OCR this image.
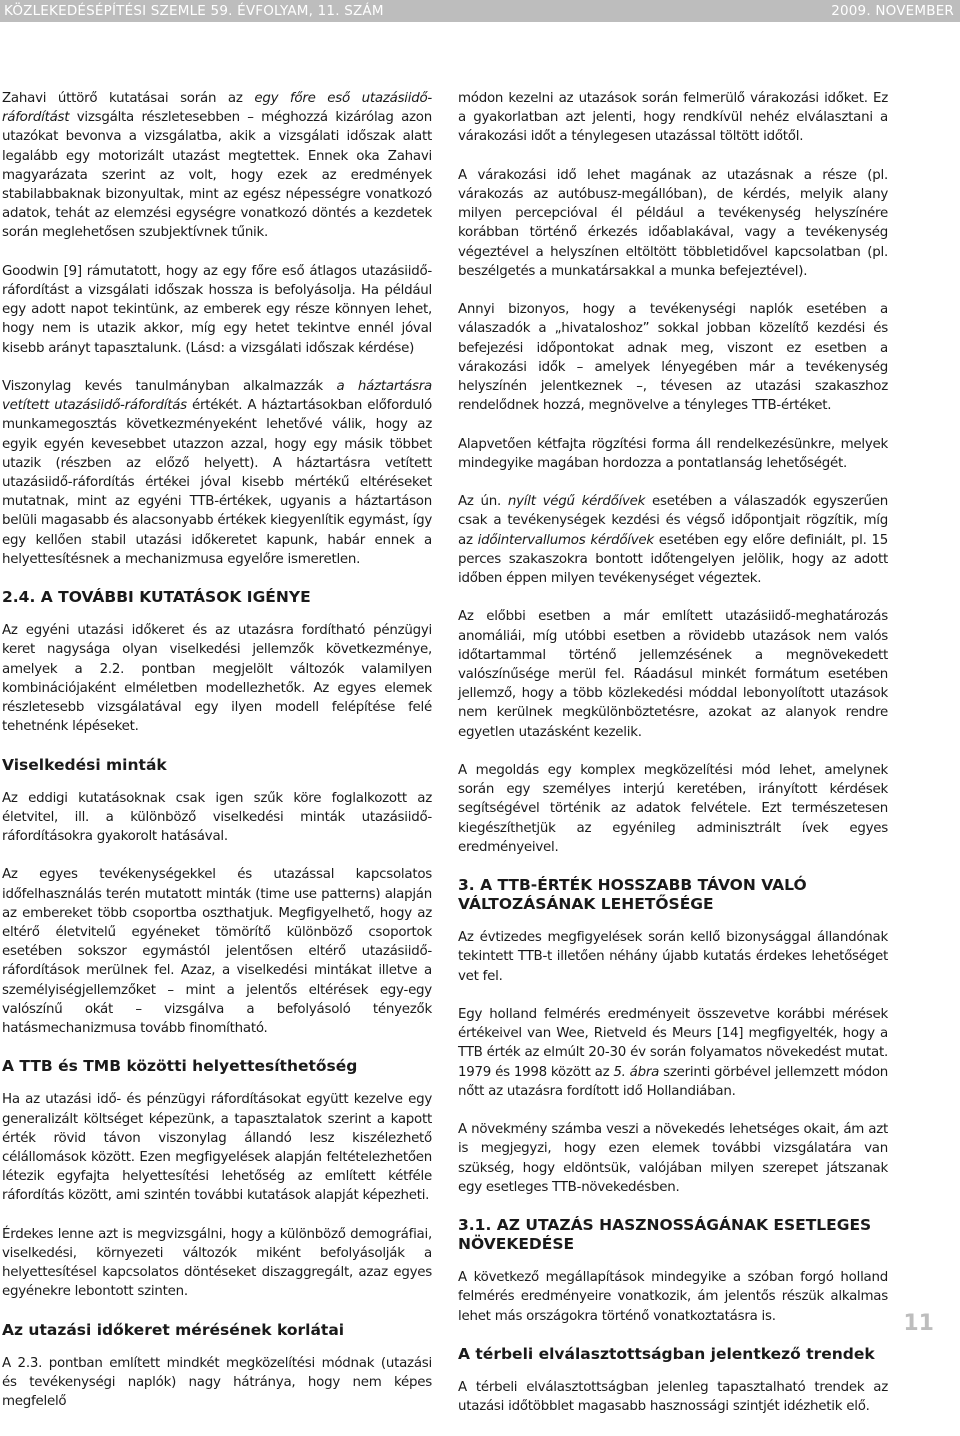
KÖZLEKEDÉSÉPÍTÉSI SZEMLE 59. ÉVFOLYAM, 11. SZÁM	2009. NOVEMBER

Zahavi úttörő kutatásai során az egy főre eső utazásiidő-ráfordítást vizsgálta részletesebben – méghozzá kizárólag azon utazókat bevonva a vizsgálatba, akik a vizsgálati időszak alatt legalább egy motorizált utazást megtettek. Ennek oka Zahavi magyarázata szerint az volt, hogy ezek az eredmények stabilabbaknak bizonyultak, mint az egész népességre vonatkozó adatok, tehát az elemzési egységre vonatkozó döntés a kezdetek során meglehetősen szubjektívnek tűnik.

Goodwin [9] rámutatott, hogy az egy főre eső átlagos utazásiidő-ráfordítást a vizsgálati időszak hossza is befolyásolja. Ha például egy adott napot tekintünk, az emberek egy része könnyen lehet, hogy nem is utazik akkor, míg egy hetet tekintve ennél jóval kisebb arányt tapasztalunk. (Lásd: a vizsgálati időszak kérdése)

Viszonylag kevés tanulmányban alkalmazzák a háztartásra vetített utazásiidő-ráfordítás értékét. A háztartásokban előforduló munkamegosztás következményeként lehetővé válik, hogy az egyik egyén kevesebbet utazzon azzal, hogy egy másik többet utazik (részben az előző helyett). A háztartásra vetített utazásiidő-ráfordítás értékei jóval kisebb mértékű eltéréseket mutatnak, mint az egyéni TTB-értékek, ugyanis a háztartáson belüli magasabb és alacsonyabb értékek kiegyenlítik egymást, így egy kellően stabil utazási időkeretet kapunk, habár ennek a helyettesítésnek a mechanizmusa egyelőre ismeretlen.

2.4. A TOVÁBBI KUTATÁSOK IGÉNYE

Az egyéni utazási időkeret és az utazásra fordítható pénzügyi keret nagysága olyan viselkedési jellemzők következménye, amelyek a 2.2. pontban megjelölt változók valamilyen kombinációjaként elméletben modellezhetők. Az egyes elemek részletesebb vizsgálatával egy ilyen modell felépítése felé tehetnénk lépéseket.

Viselkedési minták

Az eddigi kutatásoknak csak igen szűk köre foglalkozott az életvitel, ill. a különböző viselkedési minták utazásiidő-ráfordításokra gyakorolt hatásával.

Az egyes tevékenységekkel és utazással kapcsolatos időfelhasználás terén mutatott minták (time use patterns) alapján az embereket több csoportba oszthatjuk. Megfigyelhető, hogy az eltérő életvitelű egyéneket tömörítő különböző csoportok esetében sokszor egymástól jelentősen eltérő utazásiidő-ráfordítások merülnek fel. Azaz, a viselkedési mintákat illetve a személyiségjellemzőket – mint a jelentős eltérések egy-egy valószínű okát – vizsgálva a befolyásoló tényezők hatásmechanizmusa tovább finomítható.

A TTB és TMB közötti helyettesíthetőség

Ha az utazási idő- és pénzügyi ráfordításokat együtt kezelve egy generalizált költséget képezünk, a tapasztalatok szerint a kapott érték rövid távon viszonylag állandó lesz kiszélezhető célállomások között. Ezen megfigyelések alapján feltételezhetően létezik egyfajta helyettesítési lehetőség az említett kétféle ráfordítás között, ami szintén további kutatások alapját képezheti.

Érdekes lenne azt is megvizsgálni, hogy a különböző demográfiai, viselkedési, környezeti változók miként befolyásolják a helyettesítésel kapcsolatos döntéseket diszaggregált, azaz egyes egyénekre lebontott szinten.

Az utazási időkeret mérésének korlátai

A 2.3. pontban említett mindkét megközelítési módnak (utazási és tevékenységi naplók) nagy hátránya, hogy nem képes megfelelő

módon kezelni az utazások során felmerülő várakozási időket. Ez a gyakorlatban azt jelenti, hogy rendkívül nehéz elválasztani a várakozási időt a ténylegesen utazással töltött időtől.

A várakozási idő lehet magának az utazásnak a része (pl. várakozás az autóbusz-megállóban), de kérdés, melyik alany milyen percepcióval él például a tevékenység helyszínére korábban történő érkezés időablakával, vagy a tevékenység végeztével a helyszínen eltöltött többletidővel kapcsolatban (pl. beszélgetés a munkatársakkal a munka befejeztével).

Annyi bizonyos, hogy a tevékenységi naplók esetében a válaszadók a „hivataloshoz” sokkal jobban közelítő kezdési és befejezési időpontokat adnak meg, viszont ez esetben a várakozási idők – amelyek lényegében már a tevékenység helyszínén jelentkeznek –, tévesen az utazási szakaszhoz rendelődnek hozzá, megnövelve a tényleges TTB-értéket.

Alapvetően kétfajta rögzítési forma áll rendelkezésünkre, melyek mindegyike magában hordozza a pontatlanság lehetőségét.

Az ún. nyílt végű kérdőívek esetében a válaszadók egyszerűen csak a tevékenységek kezdési és végső időpontjait rögzítik, míg az időintervallumos kérdőívek esetében egy előre definiált, pl. 15 perces szakaszokra bontott időtengelyen jelölik, hogy az adott időben éppen milyen tevékenységet végeztek.

Az előbbi esetben a már említett utazásiidő-meghatározás anomáliái, míg utóbbi esetben a rövidebb utazások nem valós időtartammal történő jellemzésének a megnövekedett valószínűsége merül fel. Ráadásul minkét formátum esetében jellemző, hogy a több közlekedési móddal lebonyolított utazások nem kerülnek megkülönböztetésre, azokat az alanyok rendre egyetlen utazásként kezelik.

A megoldás egy komplex megközelítési mód lehet, amelynek során egy személyes interjú keretében, irányított kérdések segítségével történik az adatok felvétele. Ezt természetesen kiegészíthetjük az egyénileg adminisztrált ívek egyes eredményeivel.

3. A TTB-ÉRTÉK HOSSZABB TÁVON VALÓ VÁLTOZÁSÁNAK LEHETŐSÉGE

Az évtizedes megfigyelések során kellő bizonysággal állandónak tekintett TTB-t illetően néhány újabb kutatás érdekes lehetőséget vet fel.

Egy holland felmérés eredményeit összevetve korábbi mérések értékeivel van Wee, Rietveld és Meurs [14] megfigyelték, hogy a TTB érték az elmúlt 20-30 év során folyamatos növekedést mutat. 1979 és 1998 között az 5. ábra szerinti görbével jellemzett módon nőtt az utazásra fordított idő Hollandiában.

A növekmény számba veszi a növekedés lehetséges okait, ám azt is megjegyzi, hogy ezen elemek további vizsgálatára van szükség, hogy eldöntsük, valójában milyen szerepet játszanak egy esetleges TTB-növekedésben.

3.1. AZ UTAZÁS HASZNOSSÁGÁNAK ESETLEGES NÖVEKEDÉSE

A következő megállapítások mindegyike a szóban forgó holland felmérés eredményeire vonatkozik, ám jelentős részük alkalmas lehet más országokra történő vonatkoztatásra is.

A térbeli elválasztottságban jelentkező trendek

A térbeli elválasztottságban jelenleg tapasztalható trendek az utazási időtöbblet magasabb hasznossági szintjét idézhetik elő.

11
